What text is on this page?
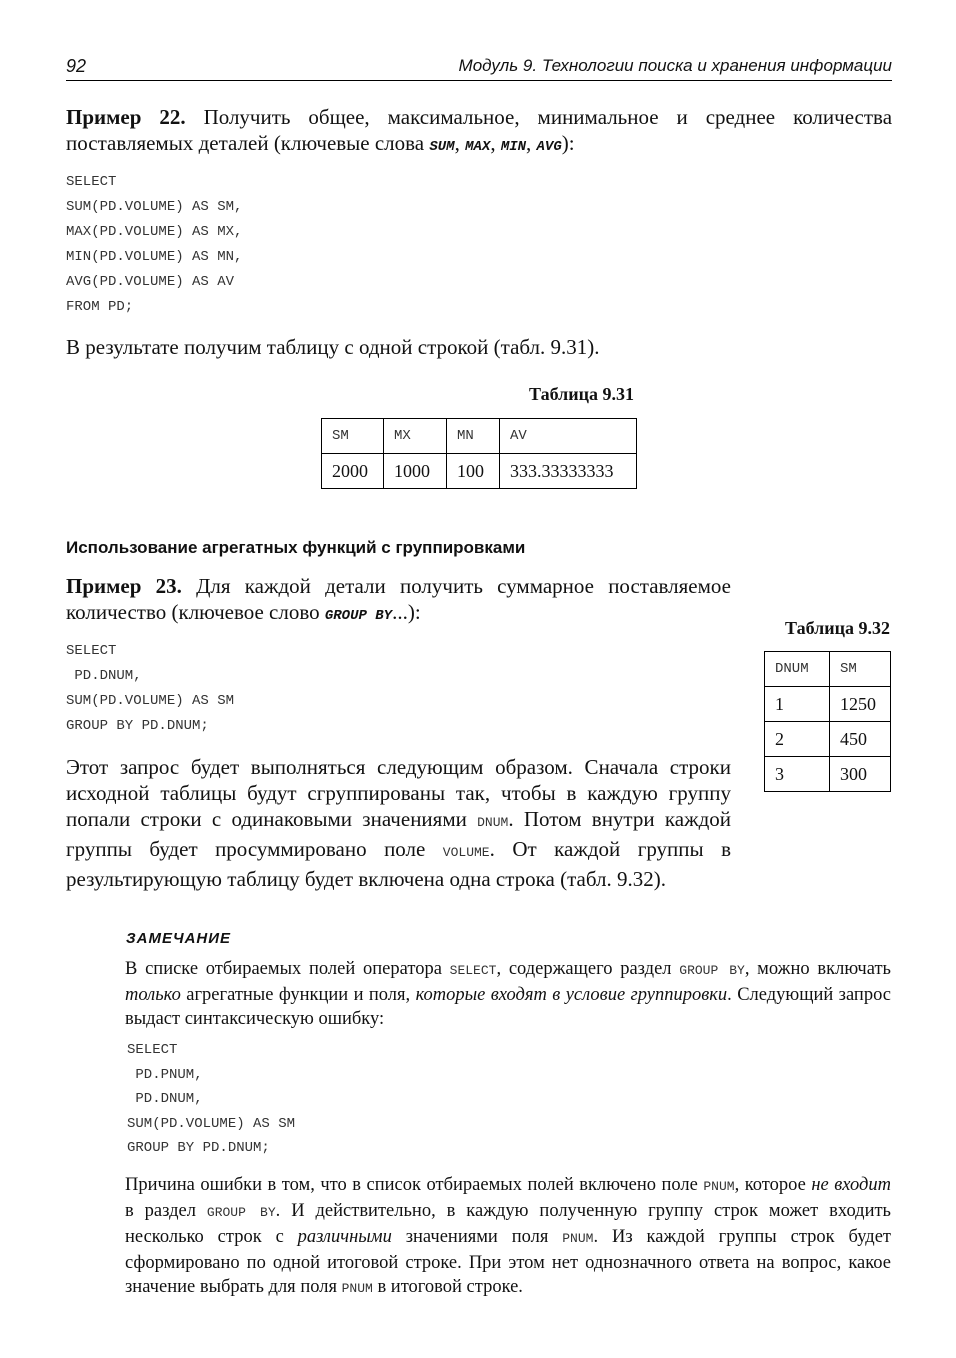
92	Модуль 9. Технологии поиска и хранения информации

Пример 22. Получить общее, максимальное, минимальное и среднее количества поставляемых деталей (ключевые слова SUM, MAX, MIN, AVG):

SELECT
SUM(PD.VOLUME) AS SM,
MAX(PD.VOLUME) AS MX,
MIN(PD.VOLUME) AS MN,
AVG(PD.VOLUME) AS AV
FROM PD;

В результате получим таблицу с одной строкой (табл. 9.31).

Таблица 9.31
SM	MX	MN	AV
2000	1000	100	333.33333333
Использование агрегатных функций с группировками

Пример 23. Для каждой детали получить суммарное поставляемое количество (ключевое слово GROUP BY...):

SELECT
PD.DNUM,
SUM(PD.VOLUME) AS SM
GROUP BY PD.DNUM;

Этот запрос будет выполняться следующим образом. Сначала строки исходной таблицы будут сгруппированы так, чтобы в каждую группу попали строки с одинаковыми значениями DNUM. Потом внутри каждой группы будет просуммировано поле VOLUME. От каждой группы в результирующую таблицу будет включена одна строка (табл. 9.32).

Таблица 9.32
DNUM	SM
1	1250
2	450
3	300
ЗАМЕЧАНИЕ

В списке отбираемых полей оператора SELECT, содержащего раздел GROUP BY, можно включать только агрегатные функции и поля, которые входят в условие группировки. Следующий запрос выдаст синтаксическую ошибку:

SELECT
PD.PNUM,
PD.DNUM,
SUM(PD.VOLUME) AS SM
GROUP BY PD.DNUM;

Причина ошибки в том, что в список отбираемых полей включено поле PNUM, которое не входит в раздел GROUP BY. И действительно, в каждую полученную группу строк может входить несколько строк с различными значениями поля PNUM. Из каждой группы строк будет сформировано по одной итоговой строке. При этом нет однозначного ответа на вопрос, какое значение выбрать для поля PNUM в итоговой строке.
